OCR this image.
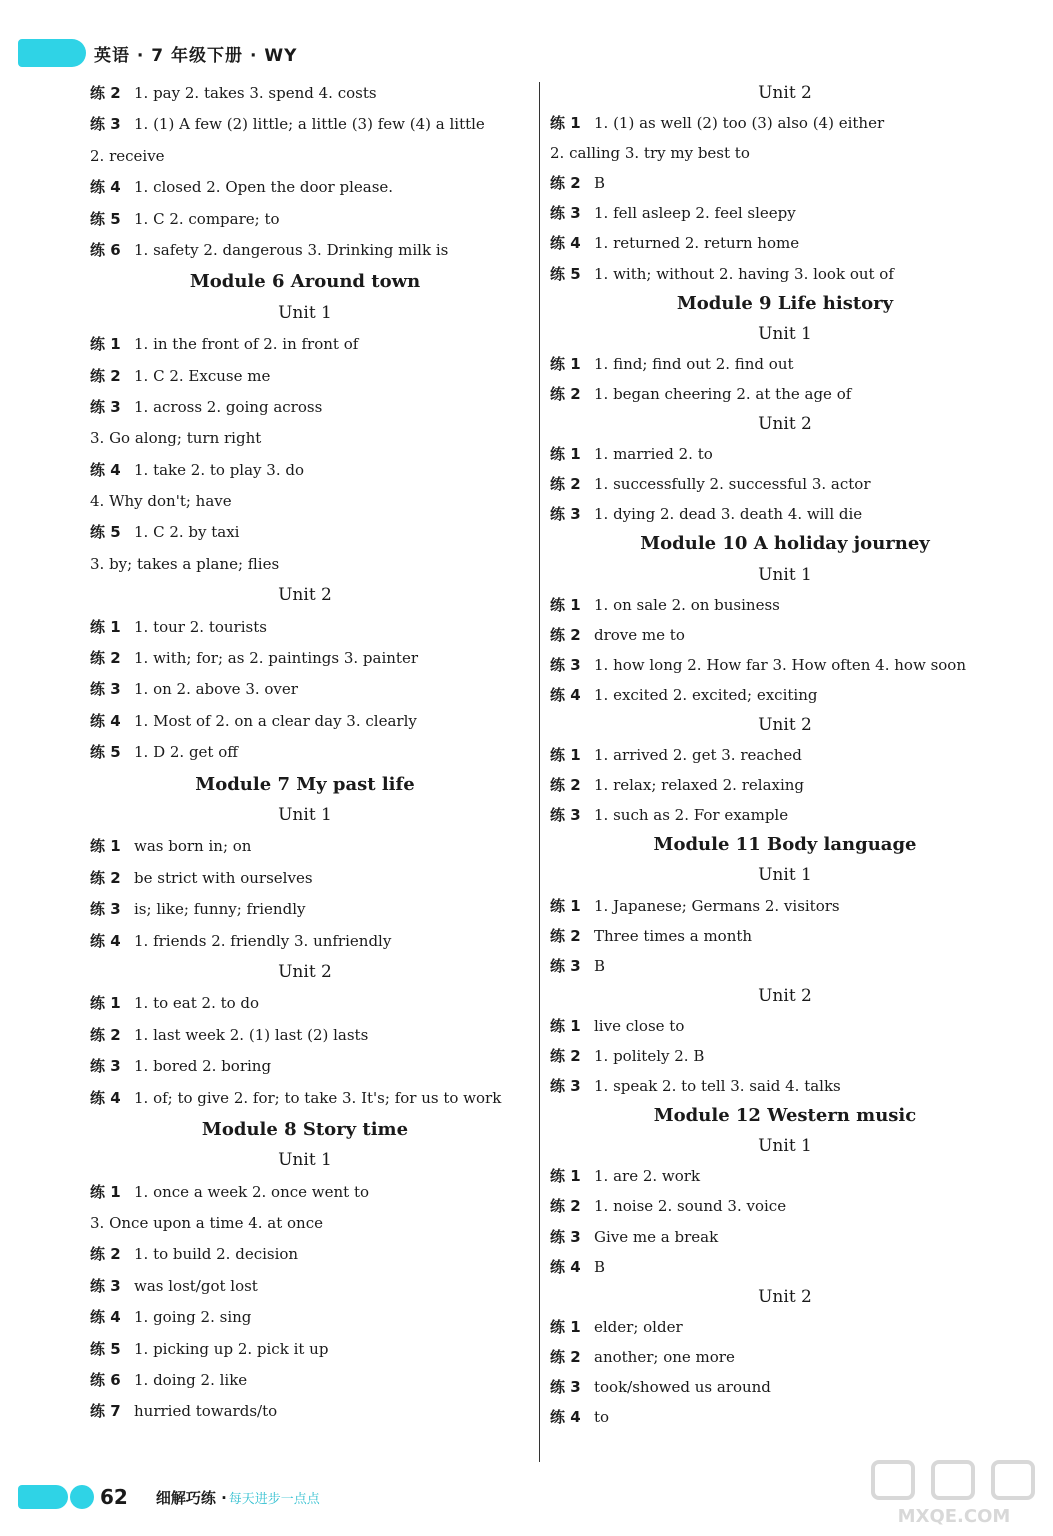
英语 · 7 年级下册 · WY
练 2 1. pay 2. takes 3. spend 4. costs
练 3 1. (1) A few (2) little; a little (3) few (4) a little
2. receive
练 4 1. closed 2. Open the door please.
练 5 1. C 2. compare; to
练 6 1. safety 2. dangerous 3. Drinking milk is
Module 6 Around town
Unit 1
练 1 1. in the front of 2. in front of
练 2 1. C 2. Excuse me
练 3 1. across 2. going across
3. Go along; turn right
练 4 1. take 2. to play 3. do
4. Why don't; have
练 5 1. C 2. by taxi
3. by; takes a plane; flies
Unit 2
练 1 1. tour 2. tourists
练 2 1. with; for; as 2. paintings 3. painter
练 3 1. on 2. above 3. over
练 4 1. Most of 2. on a clear day 3. clearly
练 5 1. D 2. get off
Module 7 My past life
Unit 1
练 1 was born in; on
练 2 be strict with ourselves
练 3 is; like; funny; friendly
练 4 1. friends 2. friendly 3. unfriendly
Unit 2
练 1 1. to eat 2. to do
练 2 1. last week 2. (1) last (2) lasts
练 3 1. bored 2. boring
练 4 1. of; to give 2. for; to take 3. It's; for us to work
Module 8 Story time
Unit 1
练 1 1. once a week 2. once went to
3. Once upon a time 4. at once
练 2 1. to build 2. decision
练 3 was lost/got lost
练 4 1. going 2. sing
练 5 1. picking up 2. pick it up
练 6 1. doing 2. like
练 7 hurried towards/to
Unit 2
练 1 1. (1) as well (2) too (3) also (4) either
2. calling 3. try my best to
练 2 B
练 3 1. fell asleep 2. feel sleepy
练 4 1. returned 2. return home
练 5 1. with; without 2. having 3. look out of
Module 9 Life history
Unit 1
练 1 1. find; find out 2. find out
练 2 1. began cheering 2. at the age of
Unit 2
练 1 1. married 2. to
练 2 1. successfully 2. successful 3. actor
练 3 1. dying 2. dead 3. death 4. will die
Module 10 A holiday journey
Unit 1
练 1 1. on sale 2. on business
练 2 drove me to
练 3 1. how long 2. How far 3. How often 4. how soon
练 4 1. excited 2. excited; exciting
Unit 2
练 1 1. arrived 2. get 3. reached
练 2 1. relax; relaxed 2. relaxing
练 3 1. such as 2. For example
Module 11 Body language
Unit 1
练 1 1. Japanese; Germans 2. visitors
练 2 Three times a month
练 3 B
Unit 2
练 1 live close to
练 2 1. politely 2. B
练 3 1. speak 2. to tell 3. said 4. talks
Module 12 Western music
Unit 1
练 1 1. are 2. work
练 2 1. noise 2. sound 3. voice
练 3 Give me a break
练 4 B
Unit 2
练 1 elder; older
练 2 another; one more
练 3 took/showed us around
练 4 to
62 细解巧练 · 每天进步一点点
MXQE.COM
